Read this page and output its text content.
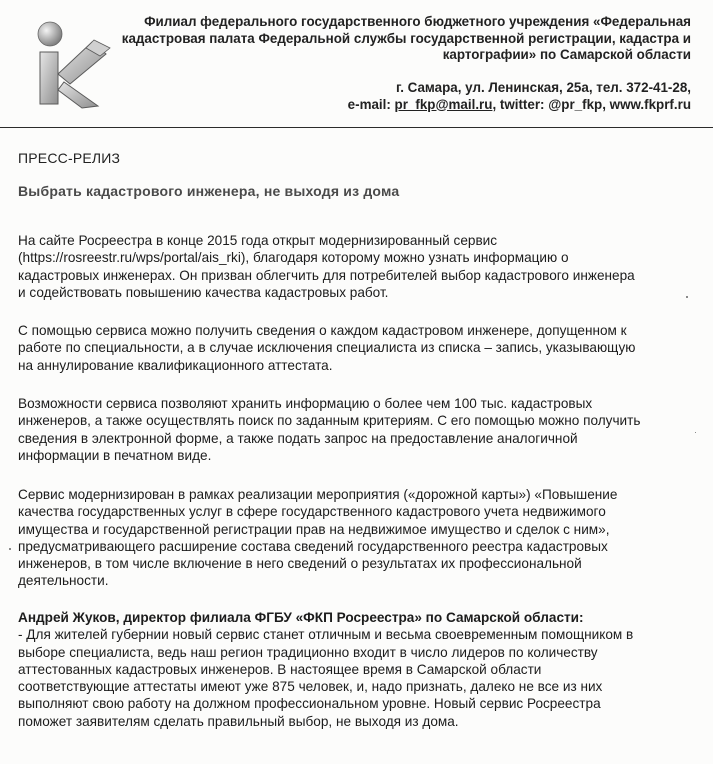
Филиал федерального государственного бюджетного учреждения «Федеральная
кадастровая палата Федеральной службы государственной регистрации, кадастра и
картографии» по Самарской области
г. Самара, ул. Ленинская, 25а, тел. 372-41-28,
e-mail: pr_fkp@mail.ru, twitter: @pr_fkp, www.fkprf.ru
ПРЕСС-РЕЛИЗ
Выбрать кадастрового инженера, не выходя из дома
На сайте Росреестра в конце 2015 года открыт модернизированный сервис
(https://rosreestr.ru/wps/portal/ais_rki), благодаря которому можно узнать информацию о
кадастровых инженерах. Он призван облегчить для потребителей выбор кадастрового инженера
и содействовать повышению качества кадастровых работ.
С помощью сервиса можно получить сведения о каждом кадастровом инженере, допущенном к
работе по специальности, а в случае исключения специалиста из списка – запись, указывающую
на аннулирование квалификационного аттестата.
Возможности сервиса позволяют хранить информацию о более чем 100 тыс. кадастровых
инженеров, а также осуществлять поиск по заданным критериям. С его помощью можно получить
сведения в электронной форме, а также подать запрос на предоставление аналогичной
информации в печатном виде.
Сервис модернизирован в рамках реализации мероприятия («дорожной карты») «Повышение
качества государственных услуг в сфере государственного кадастрового учета недвижимого
имущества и государственной регистрации прав на недвижимое имущество и сделок с ним»,
предусматривающего расширение состава сведений государственного реестра кадастровых
инженеров, в том числе включение в него сведений о результатах их профессиональной
деятельности.
Андрей Жуков, директор филиала ФГБУ «ФКП Росреестра» по Самарской области:
- Для жителей губернии новый сервис станет отличным и весьма своевременным помощником в
выборе специалиста, ведь наш регион традиционно входит в число лидеров по количеству
аттестованных кадастровых инженеров. В настоящее время в Самарской области
соответствующие аттестаты имеют уже 875 человек, и, надо признать, далеко не все из них
выполняют свою работу на должном профессиональном уровне. Новый сервис Росреестра
поможет заявителям сделать правильный выбор, не выходя из дома.
